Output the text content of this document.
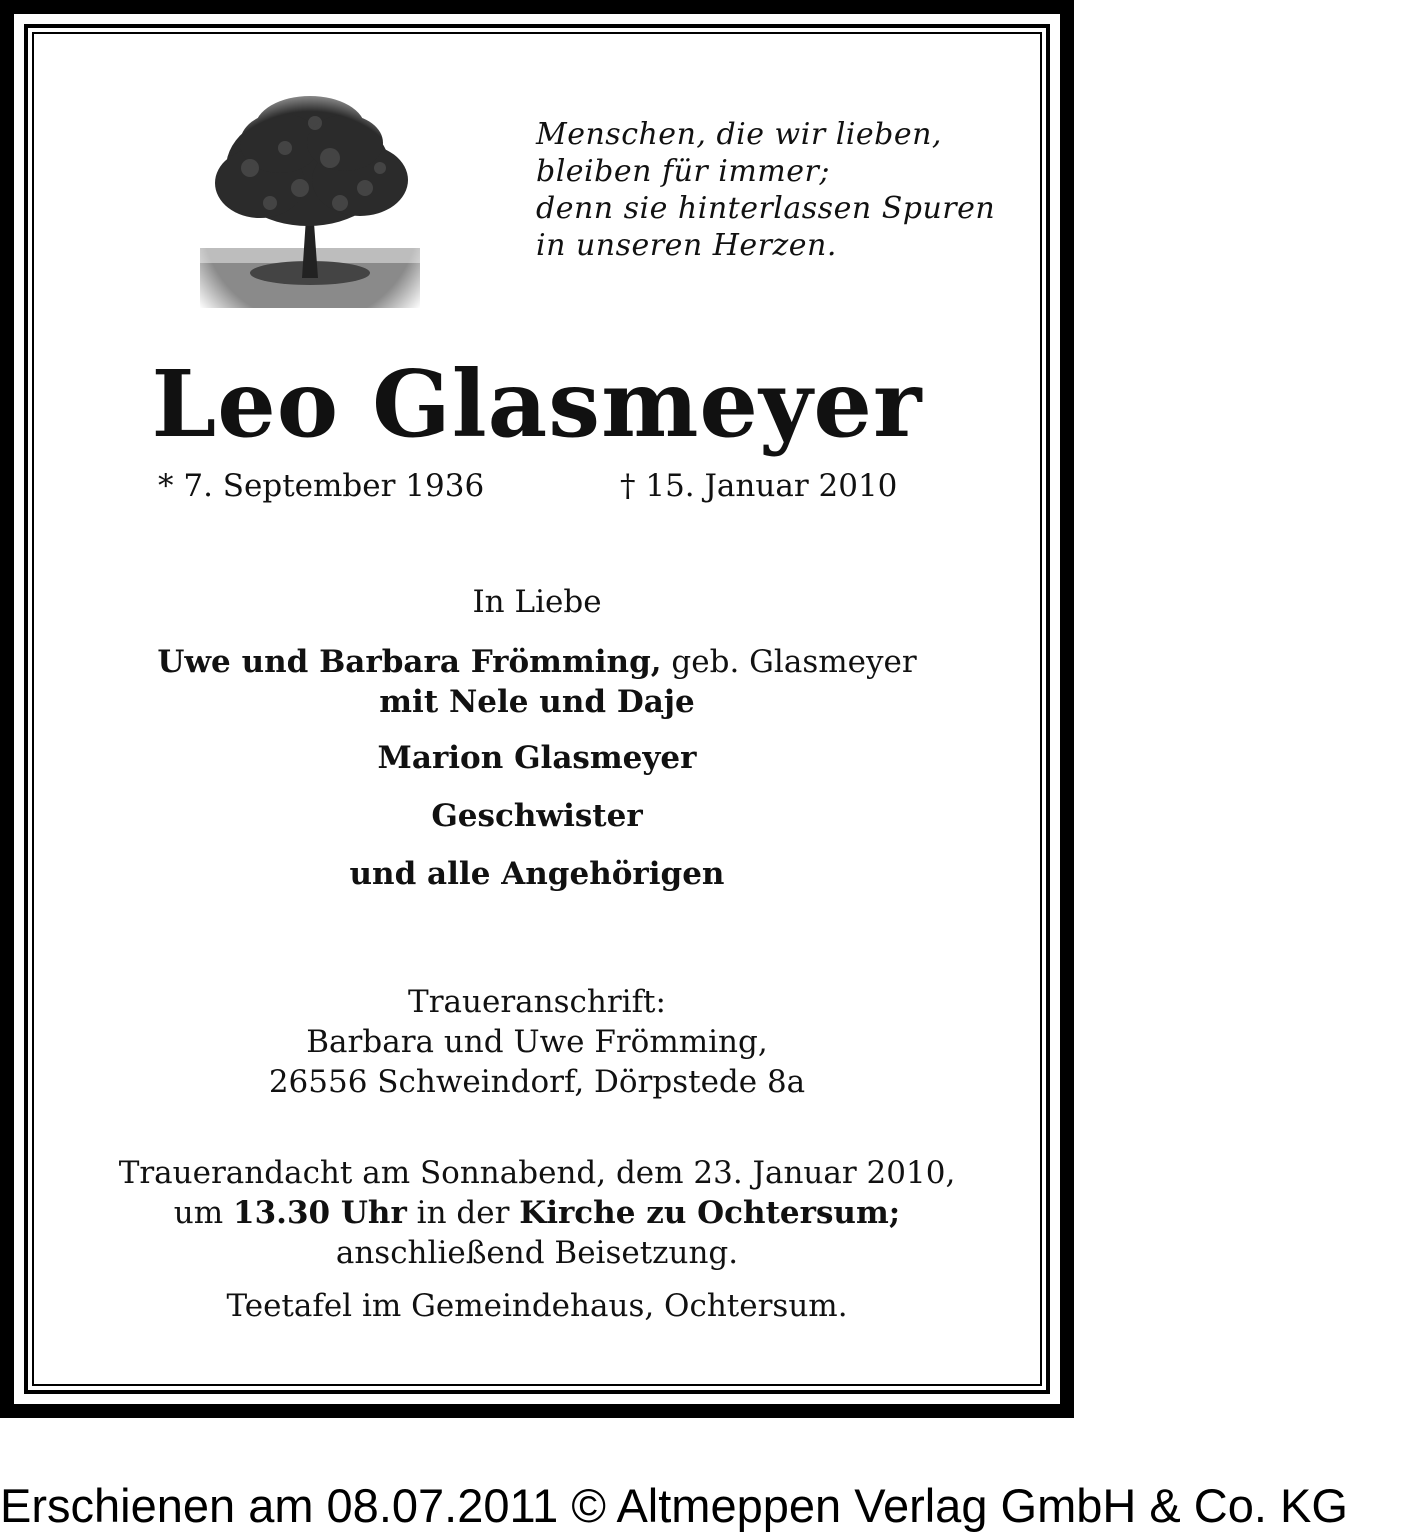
Menschen, die wir lieben,
bleiben für immer;
denn sie hinterlassen Spuren
in unseren Herzen.
Leo Glasmeyer
* 7. September 1936	† 15. Januar 2010
In Liebe
Uwe und Barbara Frömming, geb. Glasmeyer
mit Nele und Daje
Marion Glasmeyer
Geschwister
und alle Angehörigen
Traueranschrift:
Barbara und Uwe Frömming,
26556 Schweindorf, Dörpstede 8a
Trauerandacht am Sonnabend, dem 23. Januar 2010,
um 13.30 Uhr in der Kirche zu Ochtersum;
anschließend Beisetzung.
Teetafel im Gemeindehaus, Ochtersum.
Erschienen am 08.07.2011 © Altmeppen Verlag GmbH & Co. KG
